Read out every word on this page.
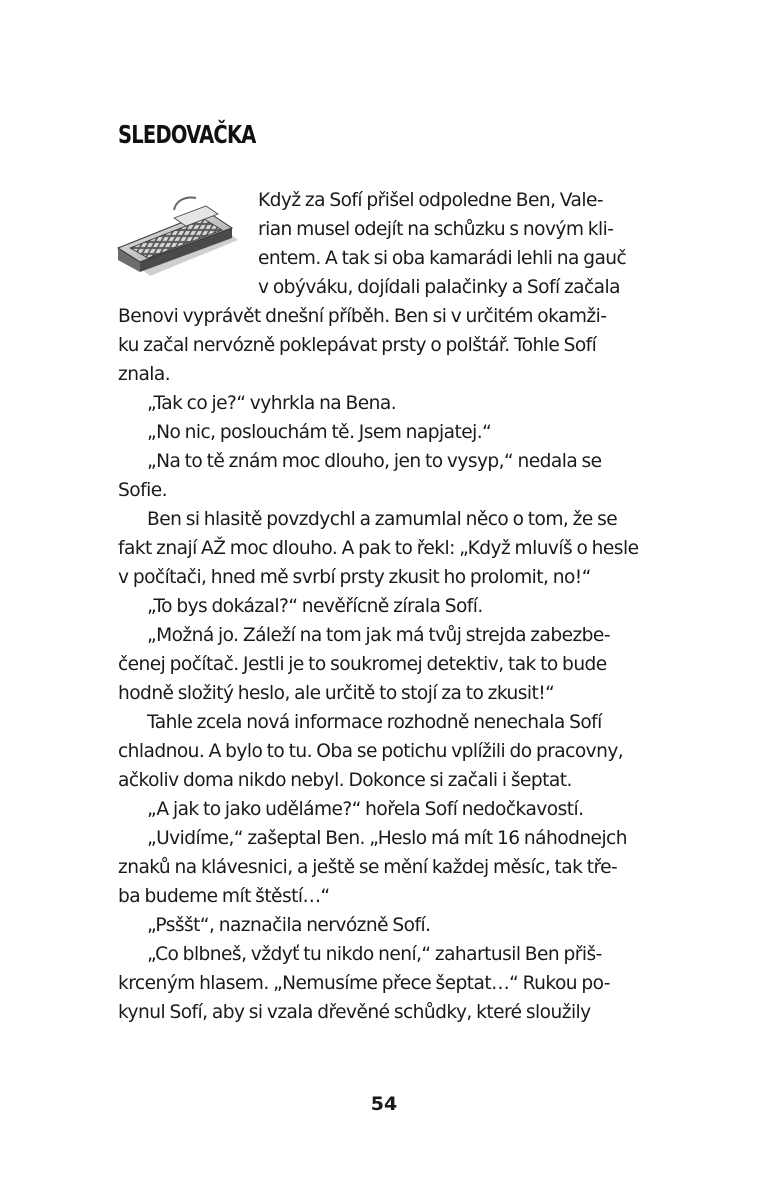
SLEDOVAČKA
Když za Sofí přišel odpoledne Ben, Vale-
rian musel odejít na schůzku s novým kli-
entem. A tak si oba kamarádi lehli na gauč
v obýváku, dojídali palačinky a Sofí začala
Benovi vyprávět dnešní příběh. Ben si v určitém okamži-
ku začal nervózně poklepávat prsty o polštář. Tohle Sofí
znala.
„Tak co je?“ vyhrkla na Bena.
„No nic, poslouchám tě. Jsem napjatej.“
„Na to tě znám moc dlouho, jen to vysyp,“ nedala se
Sofie.
Ben si hlasitě povzdychl a zamumlal něco o tom, že se
fakt znají AŽ moc dlouho. A pak to řekl: „Když mluvíš o hesle
v počítači, hned mě svrbí prsty zkusit ho prolomit, no!“
„To bys dokázal?“ nevěřícně zírala Sofí.
„Možná jo. Záleží na tom jak má tvůj strejda zabezbe-
čenej počítač. Jestli je to soukromej detektiv, tak to bude
hodně složitý heslo, ale určitě to stojí za to zkusit!“
Tahle zcela nová informace rozhodně nenechala Sofí
chladnou. A bylo to tu. Oba se potichu vplížili do pracovny,
ačkoliv doma nikdo nebyl. Dokonce si začali i šeptat.
„A jak to jako uděláme?“ hořela Sofí nedočkavostí.
„Uvidíme,“ zašeptal Ben. „Heslo má mít 16 náhodnejch
znaků na klávesnici, a ještě se mění každej měsíc, tak tře-
ba budeme mít štěstí…“
„Psššt“, naznačila nervózně Sofí.
„Co blbneš, vždyť tu nikdo není,“ zahartusil Ben přiš-
krceným hlasem. „Nemusíme přece šeptat…“ Rukou po-
kynul Sofí, aby si vzala dřevěné schůdky, které sloužily
54
